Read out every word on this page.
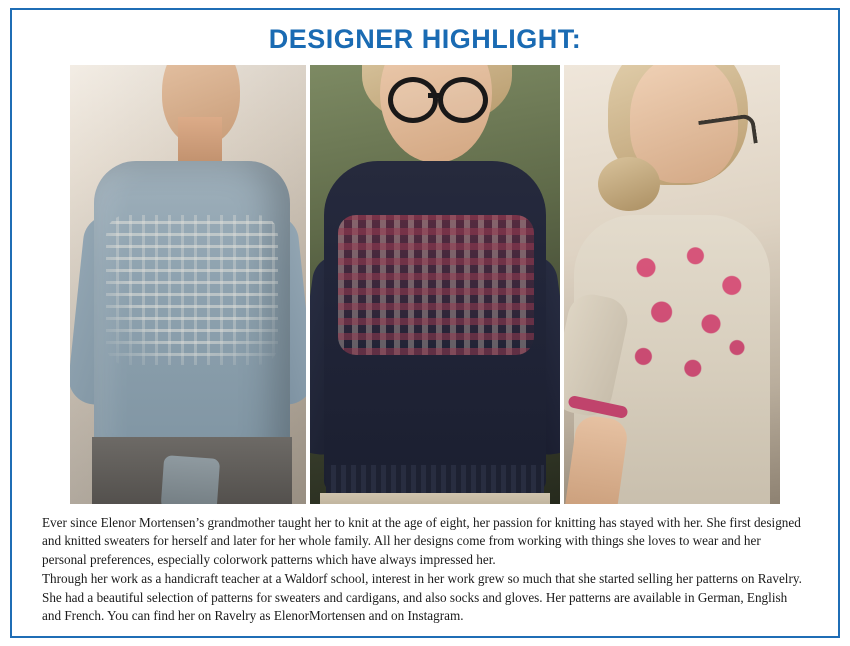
DESIGNER HIGHLIGHT:

Ever since Elenor Mortensen’s grandmother taught her to knit at the age of eight, her passion for knitting has stayed with her. She first designed and knitted sweaters for herself and later for her whole family. All her designs come from working with things she loves to wear and her personal preferences, especially colorwork patterns which have always impressed her.

Through her work as a handicraft teacher at a Waldorf school, interest in her work grew so much that she started selling her patterns on Ravelry. She had a beautiful selection of patterns for sweaters and cardigans, and also socks and gloves. Her patterns are available in German, English and French. You can find her on Ravelry as ElenorMortensen and on Instagram.
